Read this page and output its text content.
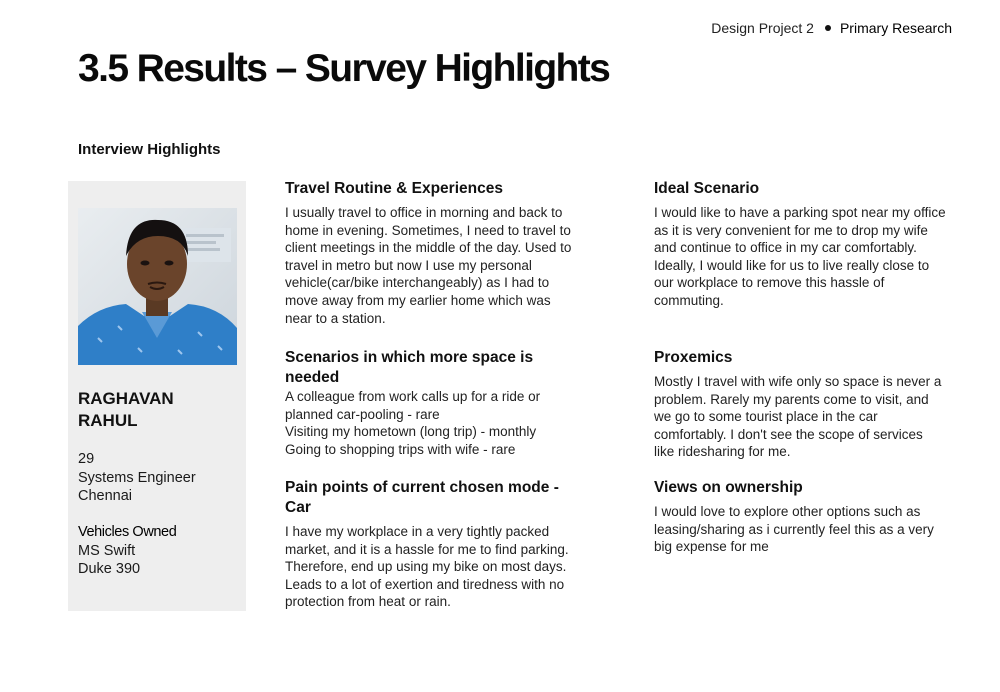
Design Project 2 Primary Research
3.5 Results – Survey Highlights
Interview Highlights
RAGHAVAN
RAHUL
29
Systems Engineer
Chennai
Vehicles Owned
MS Swift
Duke 390
Travel Routine & Experiences

I usually travel to office in morning and back to
home in evening. Sometimes, I need to travel to
client meetings in the middle of the day. Used to
travel in metro but now I use my personal
vehicle(car/bike interchangeably) as I had to
move away from my earlier home which was
near to a station.

Scenarios in which more space is
needed

A colleague from work calls up for a ride or
planned car-pooling - rare
Visiting my hometown (long trip) - monthly
Going to shopping trips with wife - rare

Pain points of current chosen mode -
Car

I have my workplace in a very tightly packed
market, and it is a hassle for me to find parking.
Therefore, end up using my bike on most days.
Leads to a lot of exertion and tiredness with no
protection from heat or rain.

Ideal Scenario

I would like to have a parking spot near my office
as it is very convenient for me to drop my wife
and continue to office in my car comfortably.
Ideally, I would like for us to live really close to
our workplace to remove this hassle of
commuting.

Proxemics

Mostly I travel with wife only so space is never a
problem. Rarely my parents come to visit, and
we go to some tourist place in the car
comfortably. I don't see the scope of services
like ridesharing for me.

Views on ownership

I would love to explore other options such as
leasing/sharing as i currently feel this as a very
big expense for me
